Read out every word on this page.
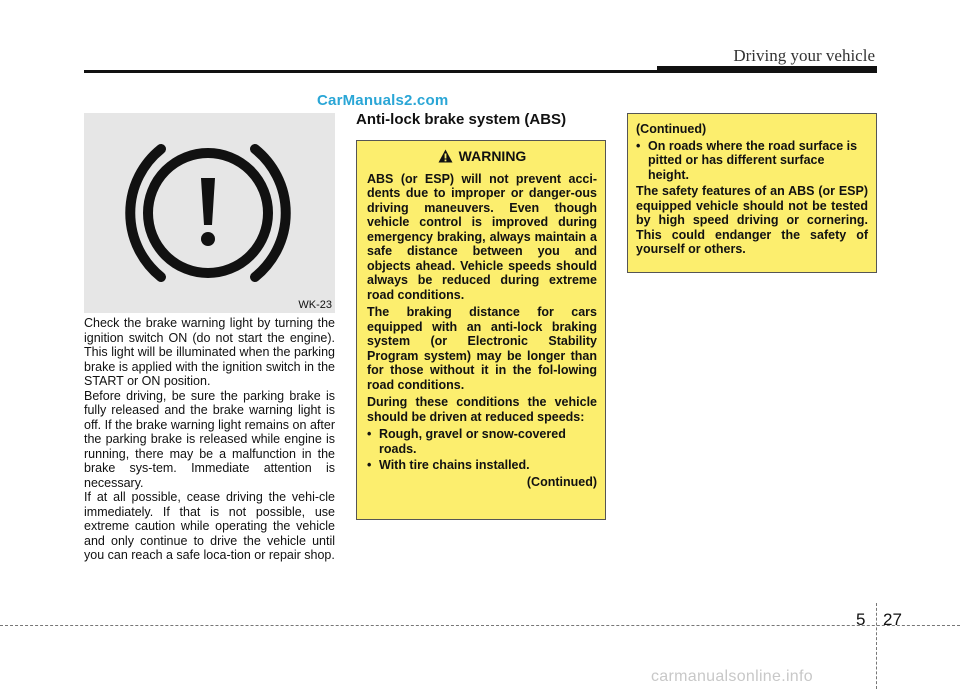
Driving your vehicle
CarManuals2.com
WK-23

Check the brake warning light by turning the ignition switch ON (do not start the engine). This light will be illuminated when the parking brake is applied with the ignition switch in the START or ON position.

Before driving, be sure the parking brake is fully released and the brake warning light is off. If the brake warning light remains on after the parking brake is released while engine is running, there may be a malfunction in the brake sys-tem. Immediate attention is necessary.

If at all possible, cease driving the vehi-cle immediately. If that is not possible, use extreme caution while operating the vehicle and only continue to drive the vehicle until you can reach a safe loca-tion or repair shop.

Anti-lock brake system (ABS)
WARNING

ABS (or ESP) will not prevent acci-dents due to improper or danger-ous driving maneuvers. Even though vehicle control is improved during emergency braking, always maintain a safe distance between you and objects ahead. Vehicle speeds should always be reduced during extreme road conditions.

The braking distance for cars equipped with an anti-lock braking system (or Electronic Stability Program system) may be longer than for those without it in the fol-lowing road conditions.

During these conditions the vehicle should be driven at reduced speeds:

• Rough, gravel or snow-covered roads.
• With tire chains installed.
(Continued)

(Continued)

• On roads where the road surface is pitted or has different surface height.

The safety features of an ABS (or ESP) equipped vehicle should not be tested by high speed driving or cornering. This could endanger the safety of yourself or others.

5 27
carmanualsonline.info
